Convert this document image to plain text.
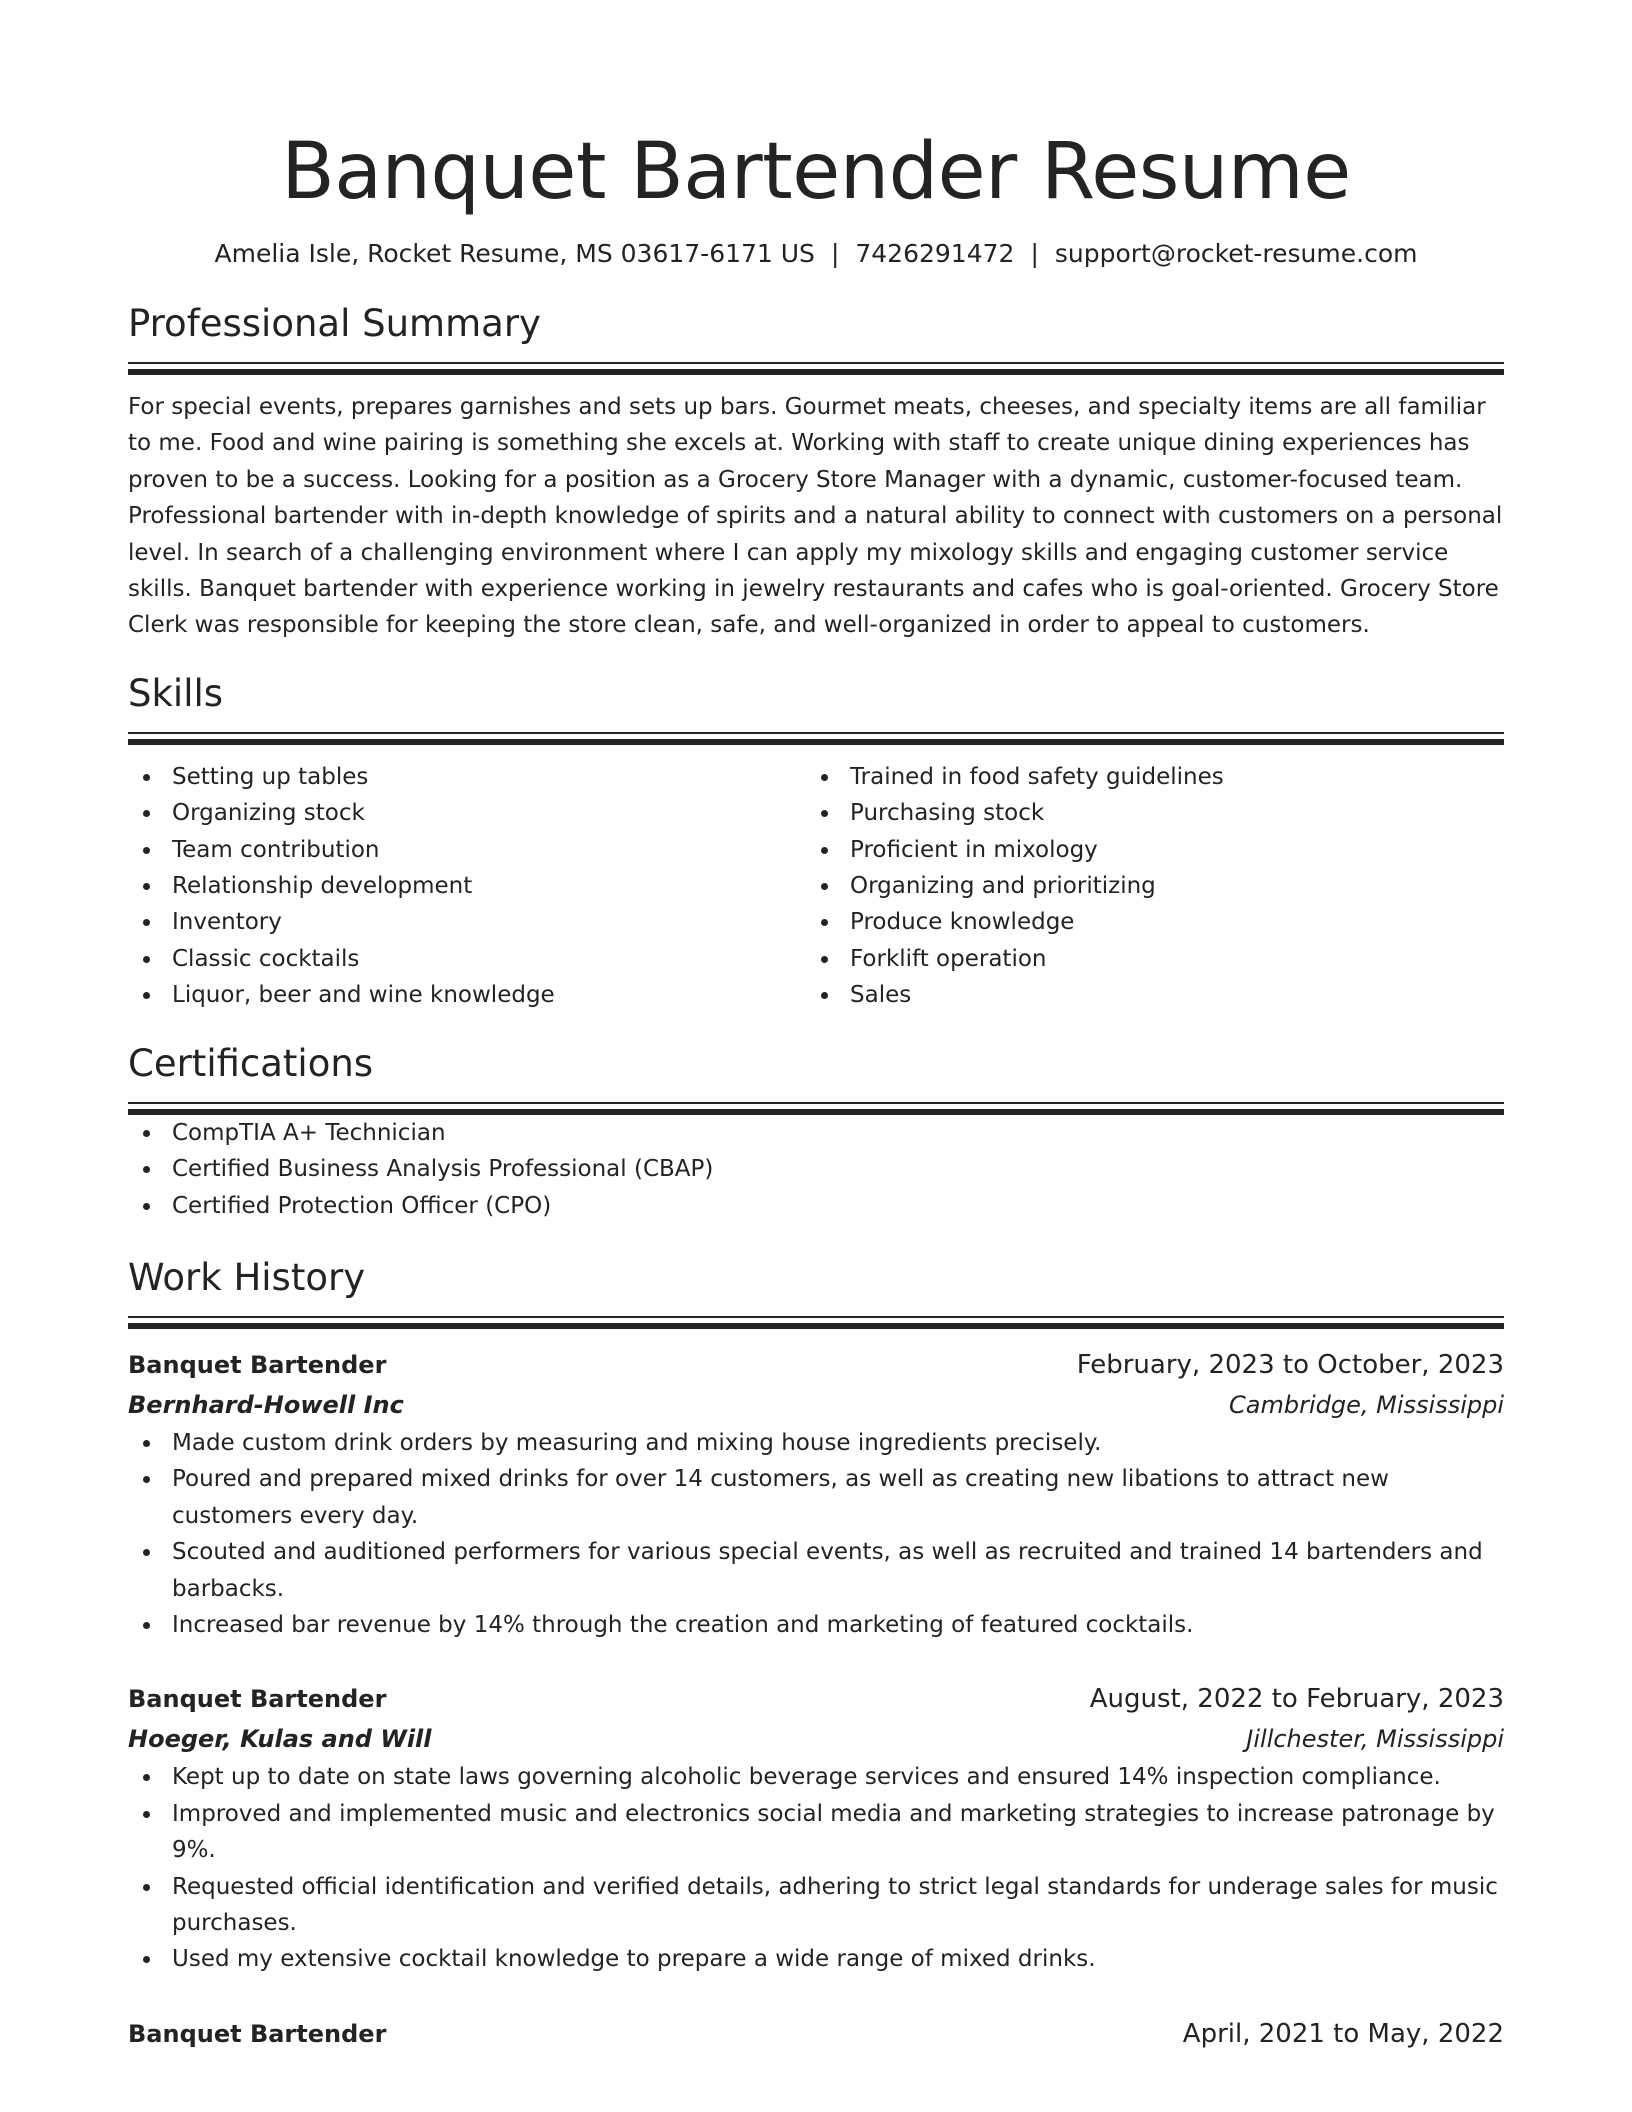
Banquet Bartender Resume
Amelia Isle, Rocket Resume, MS 03617-6171 US | 7426291472 | support@rocket-resume.com
Professional Summary

For special events, prepares garnishes and sets up bars. Gourmet meats, cheeses, and specialty items are all familiar to me. Food and wine pairing is something she excels at. Working with staff to create unique dining experiences has proven to be a success. Looking for a position as a Grocery Store Manager with a dynamic, customer-focused team. Professional bartender with in-depth knowledge of spirits and a natural ability to connect with customers on a personal level. In search of a challenging environment where I can apply my mixology skills and engaging customer service skills. Banquet bartender with experience working in jewelry restaurants and cafes who is goal-oriented. Grocery Store Clerk was responsible for keeping the store clean, safe, and well-organized in order to appeal to customers.

Skills
Setting up tables
Organizing stock
Team contribution
Relationship development
Inventory
Classic cocktails
Liquor, beer and wine knowledge
Trained in food safety guidelines
Purchasing stock
Proficient in mixology
Organizing and prioritizing
Produce knowledge
Forklift operation
Sales
Certifications
CompTIA A+ Technician
Certified Business Analysis Professional (CBAP)
Certified Protection Officer (CPO)
Work History
Banquet Bartender	February, 2023 to October, 2023
Bernhard-Howell Inc	Cambridge, Mississippi
Made custom drink orders by measuring and mixing house ingredients precisely.
Poured and prepared mixed drinks for over 14 customers, as well as creating new libations to attract new customers every day.
Scouted and auditioned performers for various special events, as well as recruited and trained 14 bartenders and barbacks.
Increased bar revenue by 14% through the creation and marketing of featured cocktails.
Banquet Bartender	August, 2022 to February, 2023
Hoeger, Kulas and Will	Jillchester, Mississippi
Kept up to date on state laws governing alcoholic beverage services and ensured 14% inspection compliance.
Improved and implemented music and electronics social media and marketing strategies to increase patronage by 9%.
Requested official identification and verified details, adhering to strict legal standards for underage sales for music purchases.
Used my extensive cocktail knowledge to prepare a wide range of mixed drinks.
Banquet Bartender	April, 2021 to May, 2022
